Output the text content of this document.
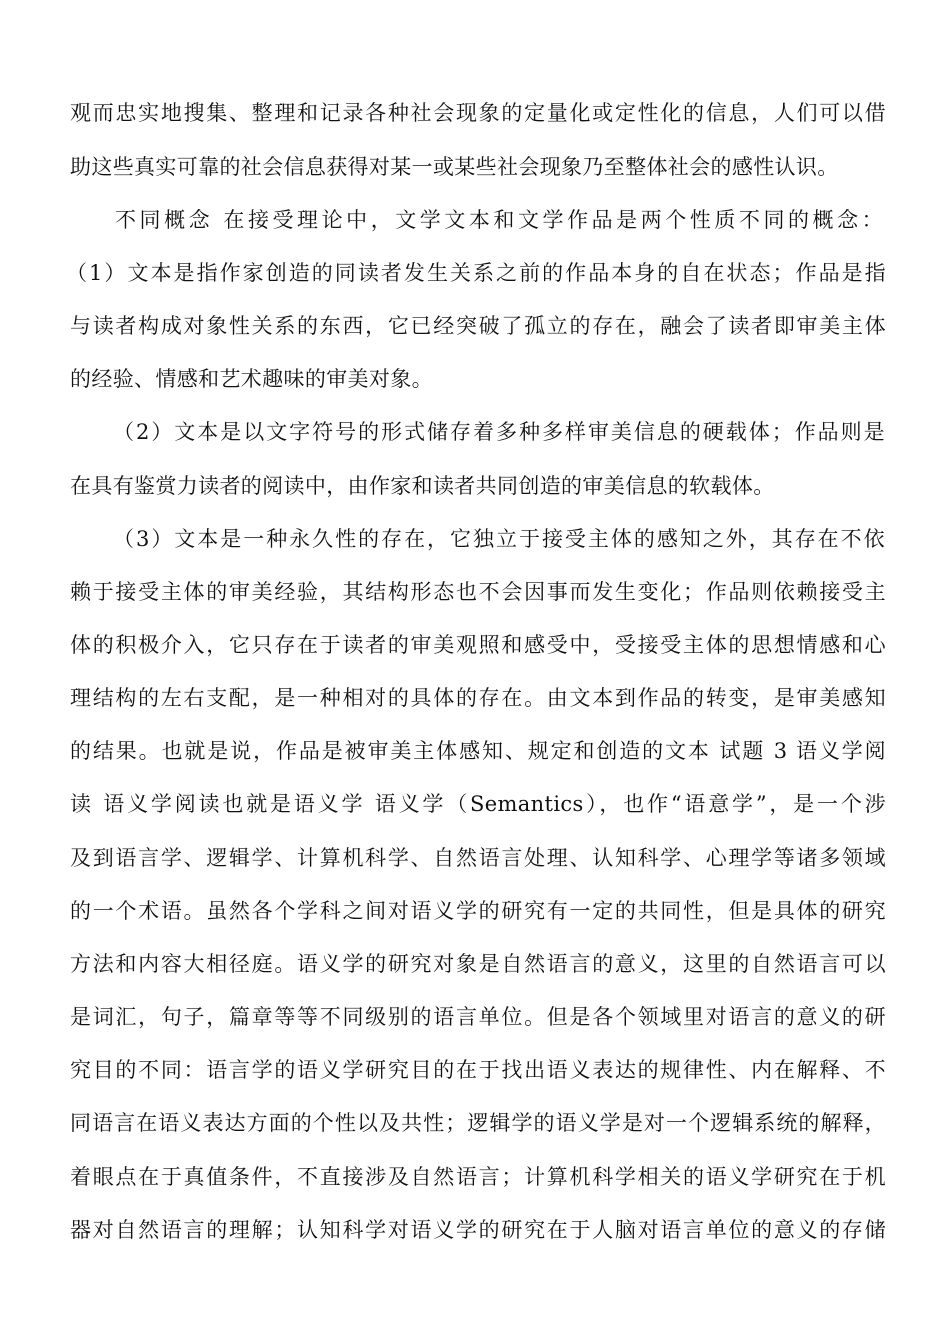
观而忠实地搜集、整理和记录各种社会现象的定量化或定性化的信息，人们可以借
助这些真实可靠的社会信息获得对某一或某些社会现象乃至整体社会的感性认识。
不同概念 在接受理论中，文学文本和文学作品是两个性质不同的概念：
（1）文本是指作家创造的同读者发生关系之前的作品本身的自在状态；作品是指
与读者构成对象性关系的东西，它已经突破了孤立的存在，融会了读者即审美主体
的经验、情感和艺术趣味的审美对象。
（2）文本是以文字符号的形式储存着多种多样审美信息的硬载体；作品则是
在具有鉴赏力读者的阅读中，由作家和读者共同创造的审美信息的软载体。
（3）文本是一种永久性的存在，它独立于接受主体的感知之外，其存在不依
赖于接受主体的审美经验，其结构形态也不会因事而发生变化；作品则依赖接受主
体的积极介入，它只存在于读者的审美观照和感受中，受接受主体的思想情感和心
理结构的左右支配，是一种相对的具体的存在。由文本到作品的转变，是审美感知
的结果。也就是说，作品是被审美主体感知、规定和创造的文本 试题 3 语义学阅
读 语义学阅读也就是语义学 语义学（Semantics），也作“语意学”，是一个涉
及到语言学、逻辑学、计算机科学、自然语言处理、认知科学、心理学等诸多领域
的一个术语。虽然各个学科之间对语义学的研究有一定的共同性，但是具体的研究
方法和内容大相径庭。语义学的研究对象是自然语言的意义，这里的自然语言可以
是词汇，句子，篇章等等不同级别的语言单位。但是各个领域里对语言的意义的研
究目的不同：语言学的语义学研究目的在于找出语义表达的规律性、内在解释、不
同语言在语义表达方面的个性以及共性；逻辑学的语义学是对一个逻辑系统的解释，
着眼点在于真值条件，不直接涉及自然语言；计算机科学相关的语义学研究在于机
器对自然语言的理解；认知科学对语义学的研究在于人脑对语言单位的意义的存储
